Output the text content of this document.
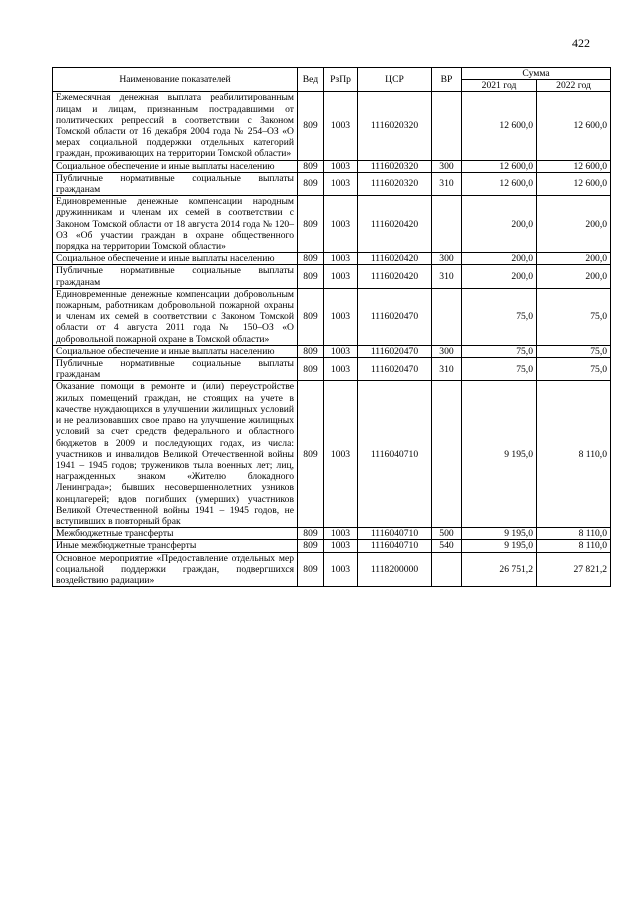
422
Наименование показателей	Вед	РзПр	ЦСР	ВР	Сумма	
					2021 год	2022 год
Ежемесячная денежная выплата реабилитированным лицам и лицам, признанным пострадавшими от политических репрессий в соответствии с Законом Томской области от 16 декабря 2004 года № 254–ОЗ «О мерах социальной поддержки отдельных категорий граждан, проживающих на территории Томской области»	809	1003	1116020320		12 600,0	12 600,0
Социальное обеспечение и иные выплаты населению	809	1003	1116020320	300	12 600,0	12 600,0
Публичные нормативные социальные выплаты гражданам	809	1003	1116020320	310	12 600,0	12 600,0
Единовременные денежные компенсации народным дружинникам и членам их семей в соответствии с Законом Томской области от 18 августа 2014 года № 120–ОЗ «Об участии граждан в охране общественного порядка на территории Томской области»	809	1003	1116020420		200,0	200,0
Социальное обеспечение и иные выплаты населению	809	1003	1116020420	300	200,0	200,0
Публичные нормативные социальные выплаты гражданам	809	1003	1116020420	310	200,0	200,0
Единовременные денежные компенсации добровольным пожарным, работникам добровольной пожарной охраны и членам их семей в соответствии с Законом Томской области от 4 августа 2011 года № 150–ОЗ «О добровольной пожарной охране в Томской области»	809	1003	1116020470		75,0	75,0
Социальное обеспечение и иные выплаты населению	809	1003	1116020470	300	75,0	75,0
Публичные нормативные социальные выплаты гражданам	809	1003	1116020470	310	75,0	75,0
Оказание помощи в ремонте и (или) переустройстве жилых помещений граждан, не стоящих на учете в качестве нуждающихся в улучшении жилищных условий и не реализовавших свое право на улучшение жилищных условий за счет средств федерального и областного бюджетов в 2009 и последующих годах, из числа: участников и инвалидов Великой Отечественной войны 1941 – 1945 годов; тружеников тыла военных лет; лиц, награжденных знаком «Жителю блокадного Ленинграда»; бывших несовершеннолетних узников концлагерей; вдов погибших (умерших) участников Великой Отечественной войны 1941 – 1945 годов, не вступивших в повторный брак	809	1003	1116040710		9 195,0	8 110,0
Межбюджетные трансферты	809	1003	1116040710	500	9 195,0	8 110,0
Иные межбюджетные трансферты	809	1003	1116040710	540	9 195,0	8 110,0
Основное мероприятие «Предоставление отдельных мер социальной поддержки граждан, подвергшихся воздействию радиации»	809	1003	1118200000		26 751,2	27 821,2
